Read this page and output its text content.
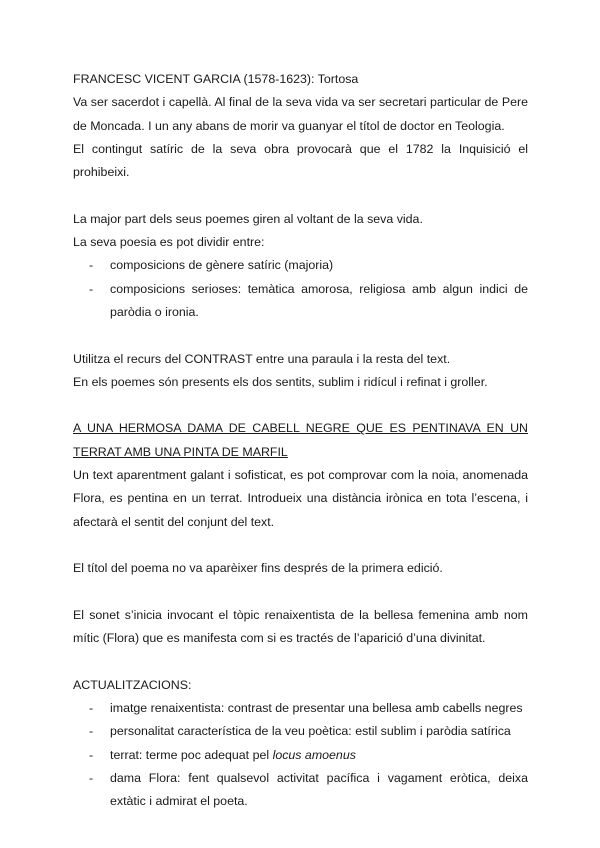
FRANCESC VICENT GARCIA (1578-1623): Tortosa

Va ser sacerdot i capellà. Al final de la seva vida va ser secretari particular de Pere de Moncada. I un any abans de morir va guanyar el títol de doctor en Teologia.

El contingut satíric de la seva obra provocarà que el 1782 la Inquisició el prohibeixi.

La major part dels seus poemes giren al voltant de la seva vida.

La seva poesia es pot dividir entre:

- composicions de gènere satíric (majoria)
- composicions serioses: temàtica amorosa, religiosa amb algun indici de paròdia o ironia.

Utilitza el recurs del CONTRAST entre una paraula i la resta del text.

En els poemes són presents els dos sentits, sublim i ridícul i refinat i groller.

A UNA HERMOSA DAMA DE CABELL NEGRE QUE ES PENTINAVA EN UN TERRAT AMB UNA PINTA DE MARFIL

Un text aparentment galant i sofisticat, es pot comprovar com la noia, anomenada Flora, es pentina en un terrat. Introdueix una distància irònica en tota l’escena, i afectarà el sentit del conjunt del text.

El títol del poema no va aparèixer fins després de la primera edició.

El sonet s’inicia invocant el tòpic renaixentista de la bellesa femenina amb nom mític (Flora) que es manifesta com si es tractés de l’aparició d’una divinitat.

ACTUALITZACIONS:

- imatge renaixentista: contrast de presentar una bellesa amb cabells negres
- personalitat característica de la veu poètica: estil sublim i paròdia satírica
- terrat: terme poc adequat pel locus amoenus
- dama Flora: fent qualsevol activitat pacífica i vagament eròtica, deixa extàtic i admirat el poeta.
